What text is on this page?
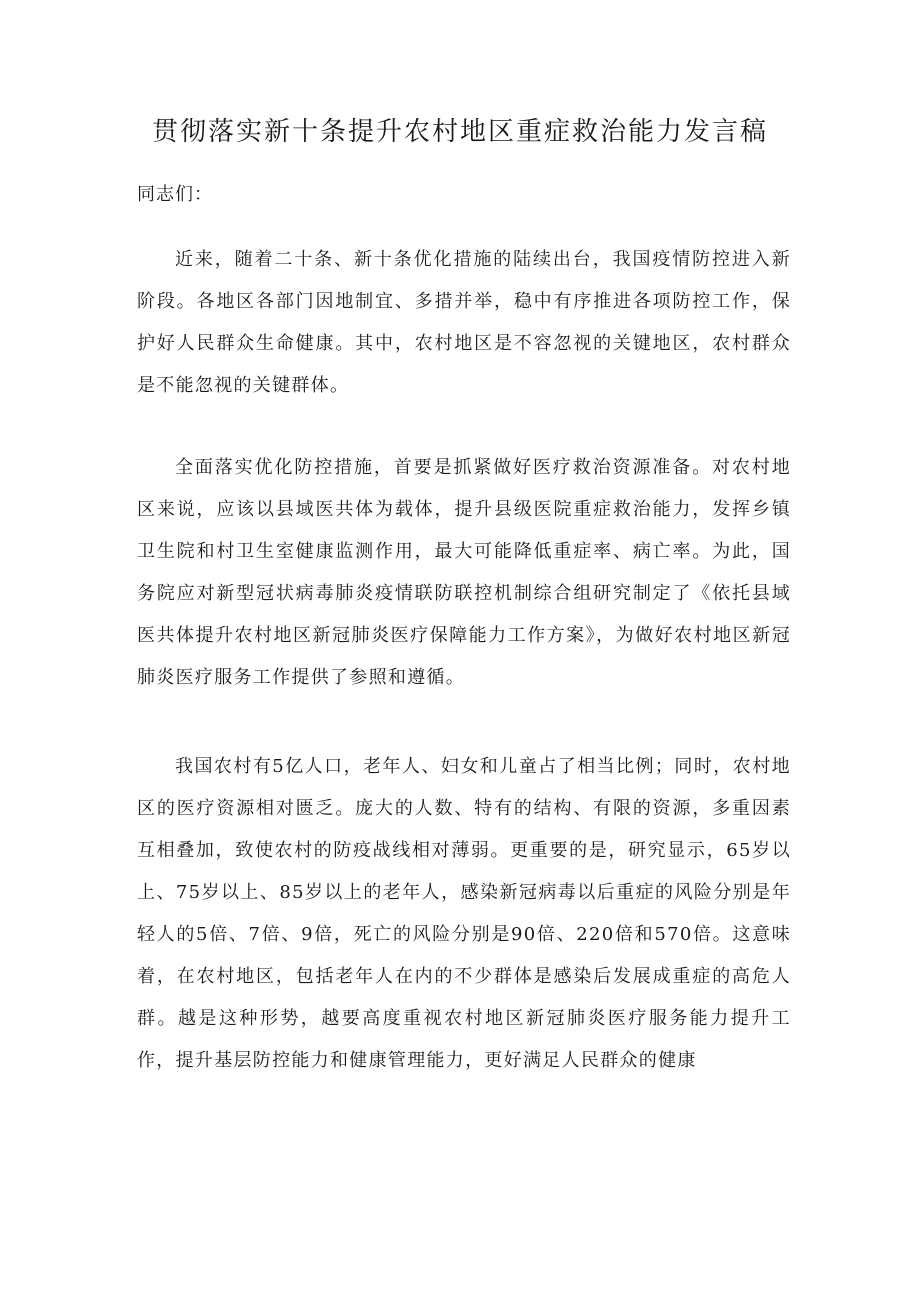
贯彻落实新十条提升农村地区重症救治能力发言稿

同志们：

近来，随着二十条、新十条优化措施的陆续出台，我国疫情防控进入新阶段。各地区各部门因地制宜、多措并举，稳中有序推进各项防控工作，保护好人民群众生命健康。其中，农村地区是不容忽视的关键地区，农村群众是不能忽视的关键群体。

全面落实优化防控措施，首要是抓紧做好医疗救治资源准备。对农村地区来说，应该以县域医共体为载体，提升县级医院重症救治能力，发挥乡镇卫生院和村卫生室健康监测作用，最大可能降低重症率、病亡率。为此，国务院应对新型冠状病毒肺炎疫情联防联控机制综合组研究制定了《依托县域医共体提升农村地区新冠肺炎医疗保障能力工作方案》，为做好农村地区新冠肺炎医疗服务工作提供了参照和遵循。

我国农村有5亿人口，老年人、妇女和儿童占了相当比例；同时，农村地区的医疗资源相对匮乏。庞大的人数、特有的结构、有限的资源，多重因素互相叠加，致使农村的防疫战线相对薄弱。更重要的是，研究显示，65岁以上、75岁以上、85岁以上的老年人，感染新冠病毒以后重症的风险分别是年轻人的5倍、7倍、9倍，死亡的风险分别是90倍、220倍和570倍。这意味着，在农村地区，包括老年人在内的不少群体是感染后发展成重症的高危人群。越是这种形势，越要高度重视农村地区新冠肺炎医疗服务能力提升工作，提升基层防控能力和健康管理能力，更好满足人民群众的健康
